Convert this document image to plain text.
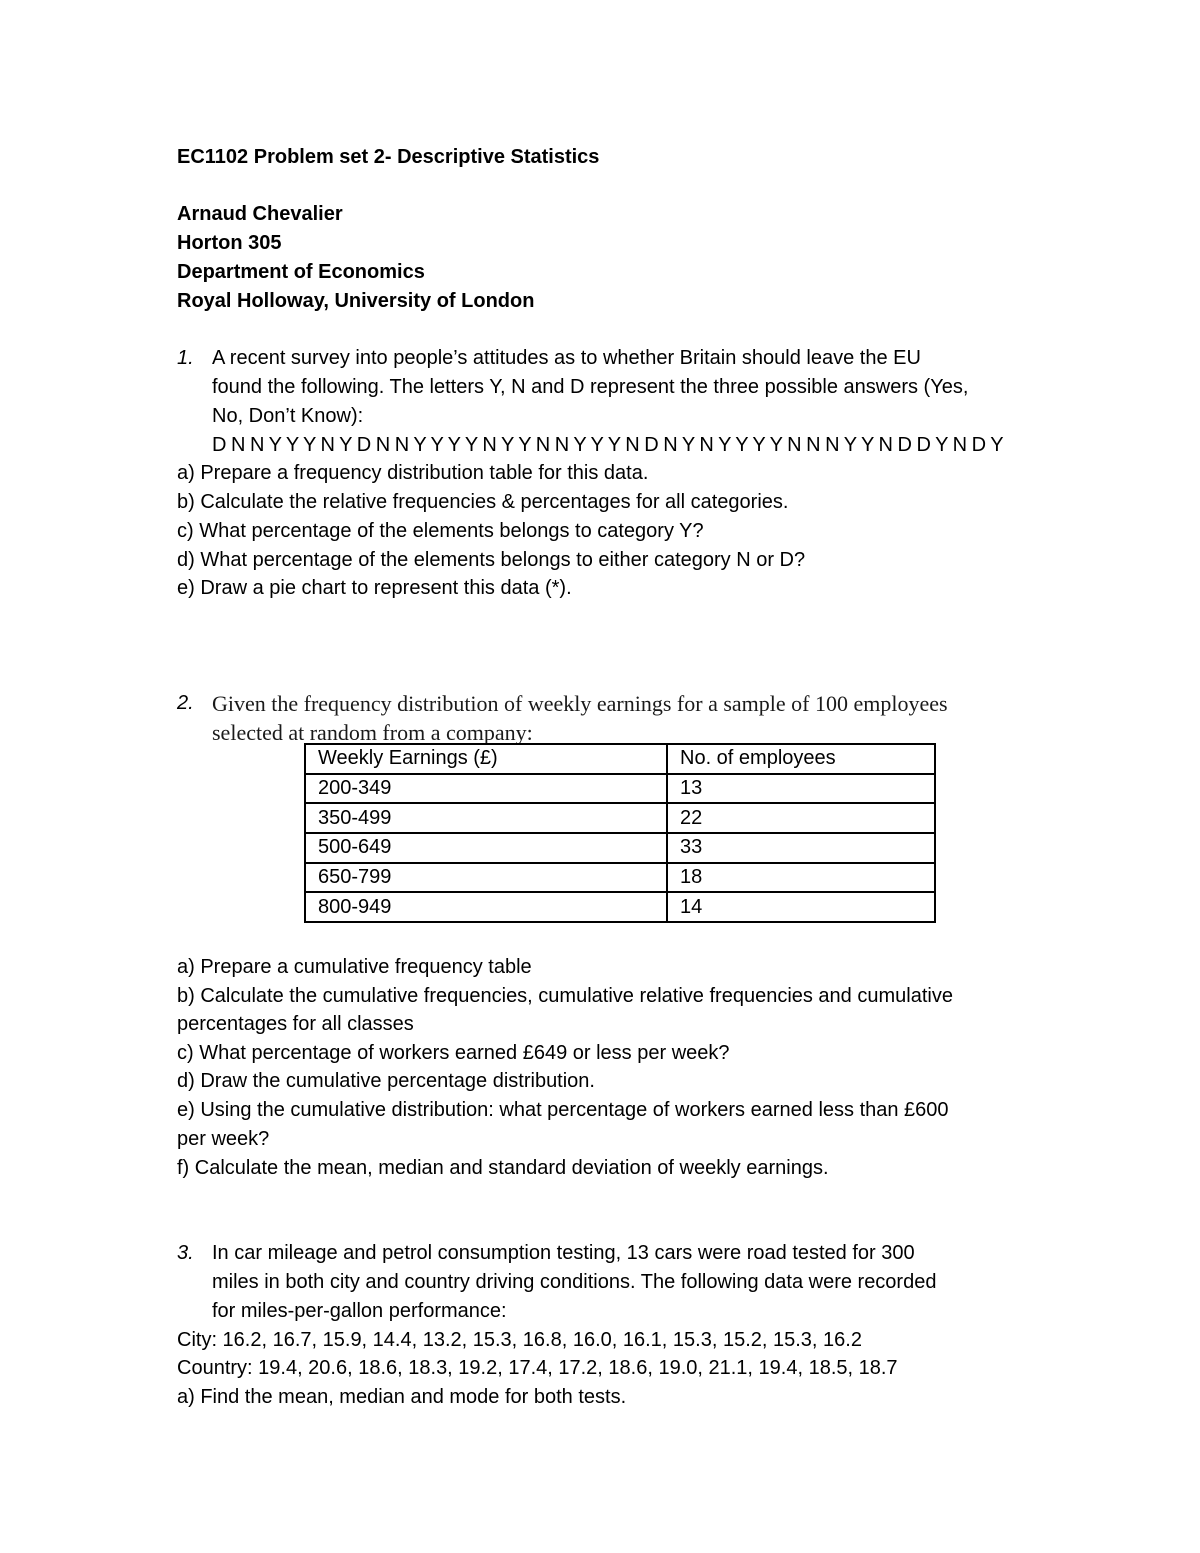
EC1102 Problem set 2- Descriptive Statistics
Arnaud Chevalier
Horton 305
Department of Economics
Royal Holloway, University of London
1. A recent survey into people’s attitudes as to whether Britain should leave the EU
found the following. The letters Y, N and D represent the three possible answers (Yes,
No, Don’t Know):
D N N Y Y Y N Y D N N Y Y Y Y N Y Y N N Y Y Y N D N Y N Y Y Y Y N N N Y Y N D D Y N D Y
a) Prepare a frequency distribution table for this data.
b) Calculate the relative frequencies & percentages for all categories.
c) What percentage of the elements belongs to category Y?
d) What percentage of the elements belongs to either category N or D?
e) Draw a pie chart to represent this data (*).
2. Given the frequency distribution of weekly earnings for a sample of 100 employees
selected at random from a company:
Weekly Earnings (£)	No. of employees
200-349	13
350-499	22
500-649	33
650-799	18
800-949	14
a) Prepare a cumulative frequency table
b) Calculate the cumulative frequencies, cumulative relative frequencies and cumulative
percentages for all classes
c) What percentage of workers earned £649 or less per week?
d) Draw the cumulative percentage distribution.
e) Using the cumulative distribution: what percentage of workers earned less than £600
per week?
f) Calculate the mean, median and standard deviation of weekly earnings.
3. In car mileage and petrol consumption testing, 13 cars were road tested for 300
miles in both city and country driving conditions. The following data were recorded
for miles-per-gallon performance:
City: 16.2, 16.7, 15.9, 14.4, 13.2, 15.3, 16.8, 16.0, 16.1, 15.3, 15.2, 15.3, 16.2
Country: 19.4, 20.6, 18.6, 18.3, 19.2, 17.4, 17.2, 18.6, 19.0, 21.1, 19.4, 18.5, 18.7
a) Find the mean, median and mode for both tests.
